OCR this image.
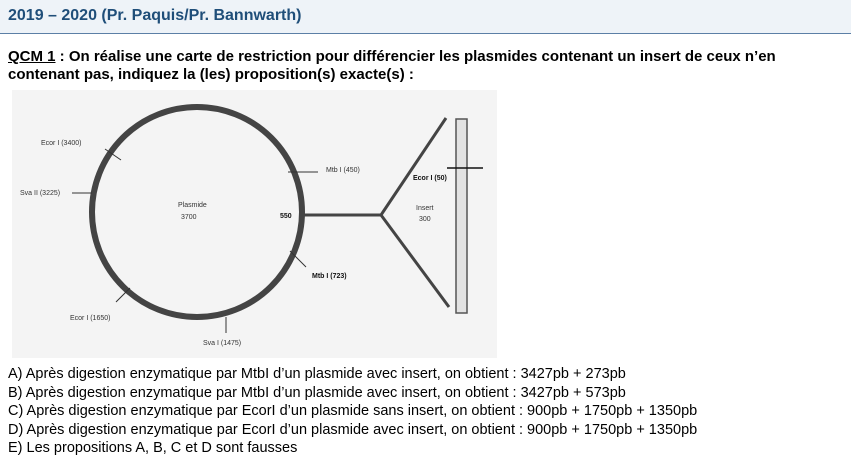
2019 – 2020 (Pr. Paquis/Pr. Bannwarth)
QCM 1 : On réalise une carte de restriction pour différencier les plasmides contenant un insert de ceux n’en contenant pas, indiquez la (les) proposition(s) exacte(s) :
Plasmide
3700	550
Ecor I (3400)
Sva II (3225)
Mtb I (450)
Mtb I (723)
Ecor I (1650)
Sva I (1475)
Ecor I (50)
Insert
300
A) Après digestion enzymatique par MtbI d’un plasmide avec insert, on obtient : 3427pb + 273pb
B) Après digestion enzymatique par MtbI d’un plasmide avec insert, on obtient : 3427pb + 573pb
C) Après digestion enzymatique par EcorI d’un plasmide sans insert, on obtient : 900pb + 1750pb + 1350pb
D) Après digestion enzymatique par EcorI d’un plasmide avec insert, on obtient : 900pb + 1750pb + 1350pb
E) Les propositions A, B, C et D sont fausses
